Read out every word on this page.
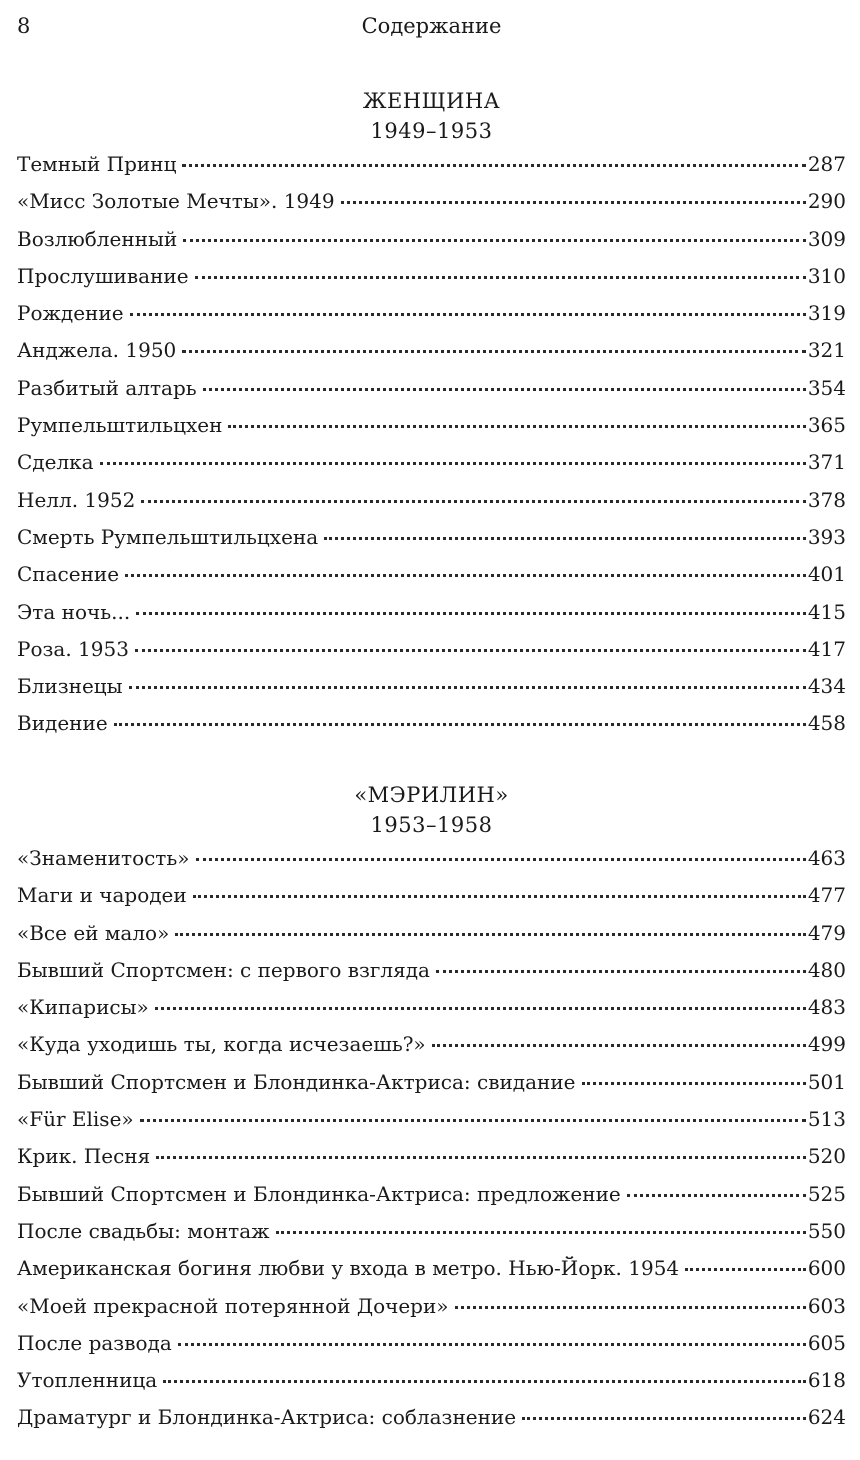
8	Содержание
ЖЕНЩИНА
1949–1953
Темный Принц	287
«Мисс Золотые Мечты». 1949	290
Возлюбленный	309
Прослушивание	310
Рождение	319
Анджела. 1950	321
Разбитый алтарь	354
Румпельштильцхен	365
Сделка	371
Нелл. 1952	378
Смерть Румпельштильцхена	393
Спасение	401
Эта ночь...	415
Роза. 1953	417
Близнецы	434
Видение	458
«МЭРИЛИН»
1953–1958
«Знаменитость»	463
Маги и чародеи	477
«Все ей мало»	479
Бывший Спортсмен: с первого взгляда	480
«Кипарисы»	483
«Куда уходишь ты, когда исчезаешь?»	499
Бывший Спортсмен и Блондинка-Актриса: свидание	501
«Für Elise»	513
Крик. Песня	520
Бывший Спортсмен и Блондинка-Актриса: предложение	525
После свадьбы: монтаж	550
Американская богиня любви у входа в метро. Нью-Йорк. 1954	600
«Моей прекрасной потерянной Дочери»	603
После развода	605
Утопленница	618
Драматург и Блондинка-Актриса: соблазнение	624
